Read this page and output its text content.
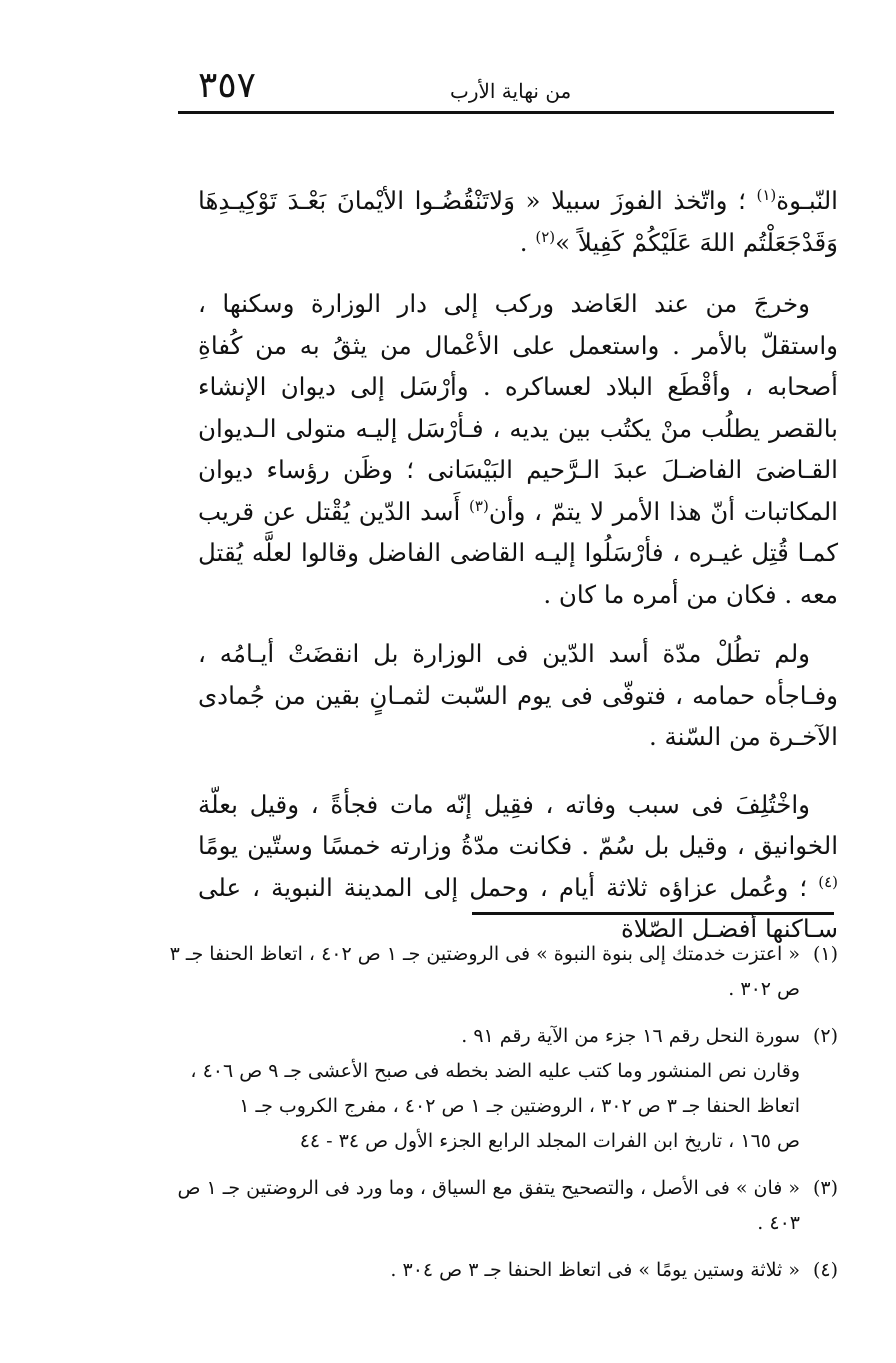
٣٥٧	من نهاية الأرب

النّبـوة$^{(١)}$ ؛ واتّخذ الفوزَ سبيلا « وَلاتَنْقُضُـوا الأيْمانَ بَعْـدَ تَوْكِيـدِهَا وَقَدْجَعَلْتُم اللهَ عَلَيْكُمْ كَفِيلاً »$^{(٢)}$ .

وخرجَ من عند العَاضد وركب إلى دار الوزارة وسكنها ، واستقلّ بالأمر . واستعمل على الأعْمال من يثقُ به من كُفاةِ أصحابه ، وأقْطَع البلاد لعساكره . وأرْسَل إلى ديوان الإنشاء بالقصر يطلُب منْ يكتُب بين يديه ، فـأرْسَل إليـه متولى الـديوان القـاضىَ الفاضـلَ عبدَ الـرَّحيم البَيْسَانى ؛ وظَن رؤساء ديوان المكاتبات أنّ هذا الأمر لا يتمّ ، وأن$^{(٣)}$ أَسد الدّين يُقْتل عن قريب كمـا قُتِل غيـره ، فأرْسَلُوا إليـه القاضى الفاضل وقالوا لعلَّه يُقتل معه . فكان من أمره ما كان .

ولم تطُلْ مدّة أسد الدّين فى الوزارة بل انقضَتْ أيـامُه ، وفـاجأه حمامه ، فتوفّى فى يوم السّبت لثمـانٍ بقين من جُمادى الآخـرة من السّنة .

واخْتُلِفَ فى سبب وفاته ، فقِيل إنّه مات فجأةً ، وقيل بعلّة الخوانيق ، وقيل بل سُمّ . فكانت مدّةُ وزارته خمسًا وستّين يومًا $^{(٤)}$ ؛ وعُمل عزاؤه ثلاثة أيام ، وحمل إلى المدينة النبوية ، على سـاكنها أفضـل الصّلاة

(١)
« اعتزت خدمتك إلى بنوة النبوة » فى الروضتين جـ ١ ص ٤٠٢ ، اتعاظ الحنفا جـ ٣
ص ٣٠٢ .
(٢)
سورة النحل رقم ١٦ جزء من الآية رقم ٩١ .
وقارن نص المنشور وما كتب عليه الضد بخطه فى صبح الأعشى جـ ٩ ص ٤٠٦ ،
اتعاظ الحنفا جـ ٣ ص ٣٠٢ ، الروضتين جـ ١ ص ٤٠٢ ، مفرج الكروب جـ ١
ص ١٦٥ ، تاريخ ابن الفرات المجلد الرابع الجزء الأول ص ٣٤ - ٤٤
(٣)
« فان » فى الأصل ، والتصحيح يتفق مع السياق ، وما ورد فى الروضتين جـ ١ ص
٤٠٣ .
(٤)
« ثلاثة وستين يومًا » فى اتعاظ الحنفا جـ ٣ ص ٣٠٤ .
